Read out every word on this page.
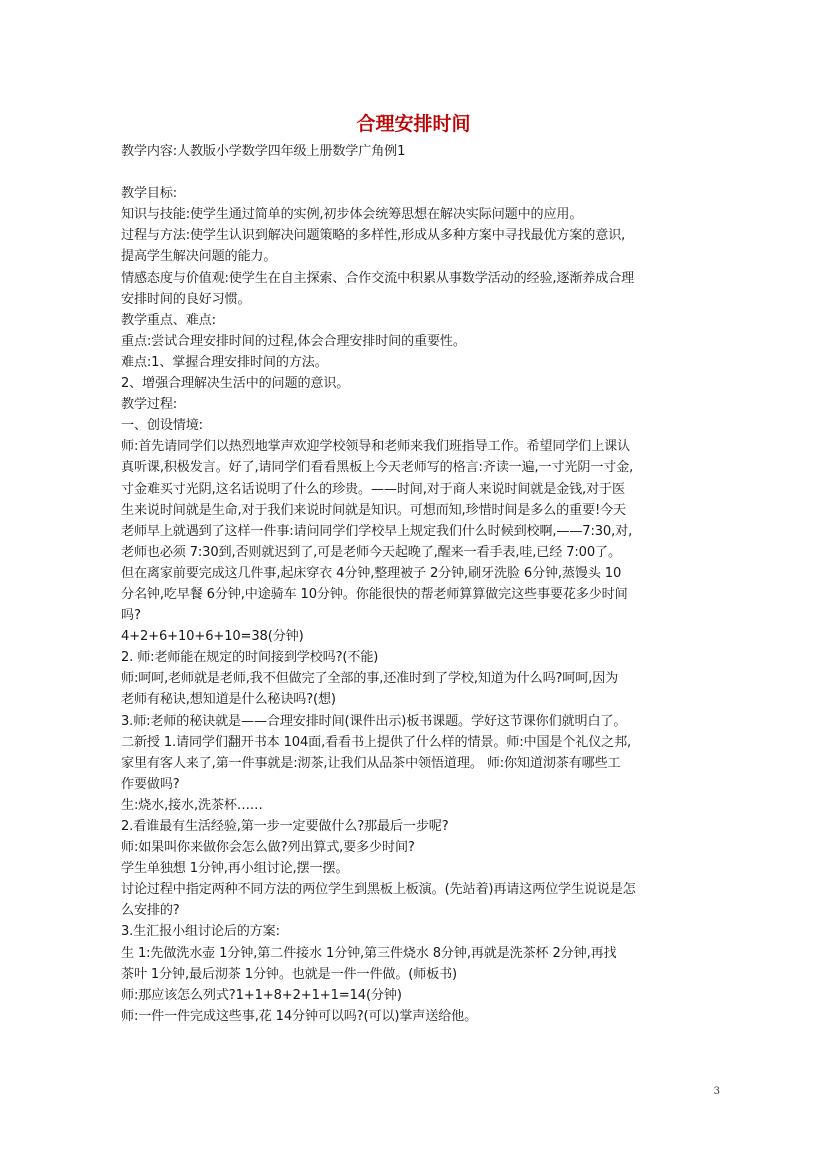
合理安排时间
教学内容:人教版小学数学四年级上册数学广角例1
教学目标:
知识与技能:使学生通过简单的实例,初步体会统筹思想在解决实际问题中的应用。
过程与方法:使学生认识到解决问题策略的多样性,形成从多种方案中寻找最优方案的意识,
提高学生解决问题的能力。
情感态度与价值观:使学生在自主探索、合作交流中积累从事数学活动的经验,逐渐养成合理
安排时间的良好习惯。
教学重点、难点:
重点:尝试合理安排时间的过程,体会合理安排时间的重要性。
难点:1、掌握合理安排时间的方法。
2、增强合理解决生活中的问题的意识。
教学过程:
一、创设情境:
师:首先请同学们以热烈地掌声欢迎学校领导和老师来我们班指导工作。希望同学们上课认
真听课,积极发言。好了,请同学们看看黑板上今天老师写的格言:齐读一遍,一寸光阴一寸金,
寸金难买寸光阴,这名话说明了什么的珍贵。——时间,对于商人来说时间就是金钱,对于医
生来说时间就是生命,对于我们来说时间就是知识。可想而知,珍惜时间是多么的重要!今天
老师早上就遇到了这样一件事:请问同学们学校早上规定我们什么时候到校啊,——7:30,对,
老师也必须 7:30到,否则就迟到了,可是老师今天起晚了,醒来一看手表,哇,已经 7:00了。
但在离家前要完成这几件事,起床穿衣 4分钟,整理被子 2分钟,刷牙洗脸 6分钟,蒸馒头 10
分名钟,吃早餐 6分钟,中途骑车 10分钟。你能很快的帮老师算算做完这些事要花多少时间
吗?
4+2+6+10+6+10=38(分钟)
2. 师:老师能在规定的时间接到学校吗?(不能)
师:呵呵,老师就是老师,我不但做完了全部的事,还准时到了学校,知道为什么吗?呵呵,因为
老师有秘诀,想知道是什么秘诀吗?(想)
3.师:老师的秘诀就是——合理安排时间(课件出示)板书课题。学好这节课你们就明白了。
二新授 1.请同学们翻开书本 104面,看看书上提供了什么样的情景。师:中国是个礼仪之邦,
家里有客人来了,第一件事就是:沏茶,让我们从品茶中领悟道理。 师:你知道沏茶有哪些工
作要做吗?
生:烧水,接水,洗茶杯……
2.看谁最有生活经验,第一步一定要做什么?那最后一步呢?
师:如果叫你来做你会怎么做?列出算式,要多少时间?
学生单独想 1分钟,再小组讨论,摆一摆。
讨论过程中指定两种不同方法的两位学生到黑板上板演。(先站着)再请这两位学生说说是怎
么安排的?
3.生汇报小组讨论后的方案:
生 1:先做洗水壶 1分钟,第二件接水 1分钟,第三件烧水 8分钟,再就是洗茶杯 2分钟,再找
茶叶 1分钟,最后沏茶 1分钟。也就是一件一件做。(师板书)
师:那应该怎么列式?1+1+8+2+1+1=14(分钟)
师:一件一件完成这些事,花 14分钟可以吗?(可以)掌声送给他。
3
